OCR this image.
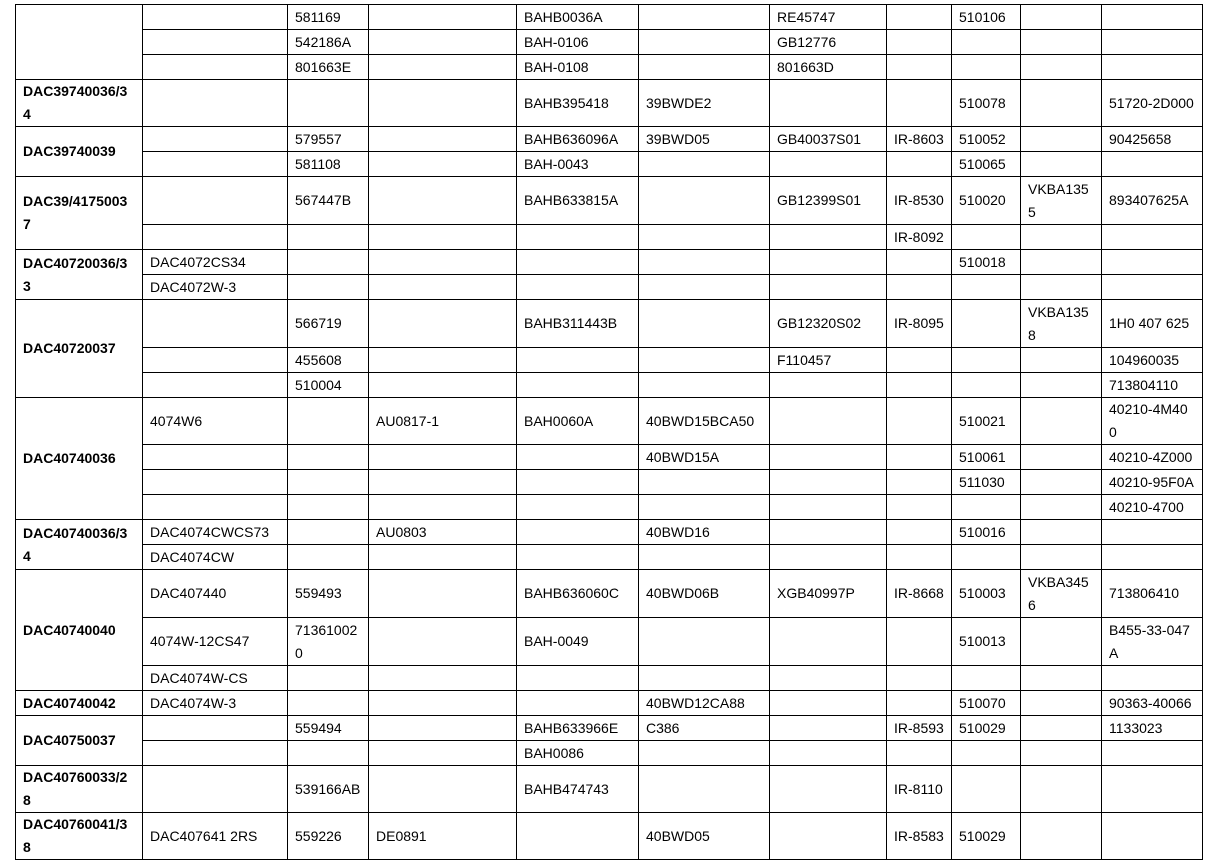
		581169		BAHB0036A		RE45747		510106		
		542186A		BAH-0106		GB12776				
		801663E		BAH-0108		801663D				
DAC39740036/34				BAHB395418	39BWDE2			510078		51720-2D000
DAC39740039		579557		BAHB636096A	39BWD05	GB40037S01	IR-8603	510052		90425658
		581108		BAH-0043				510065		
DAC39/41750037		567447B		BAHB633815A		GB12399S01	IR-8530	510020	VKBA1355	893407625A
							IR-8092			
DAC40720036/33	DAC4072CS34							510018		
	DAC4072W-3									
DAC40720037		566719		BAHB311443B		GB12320S02	IR-8095		VKBA1358	1H0 407 625
		455608				F110457				104960035
		510004								713804110
DAC40740036	4074W6		AU0817-1	BAH0060A	40BWD15BCA50			510021		40210-4M400
					40BWD15A			510061		40210-4Z000
								511030		40210-95F0A
										40210-4700
DAC40740036/34	DAC4074CWCS73		AU0803		40BWD16			510016		
	DAC4074CW									
DAC40740040	DAC407440	559493		BAHB636060C	40BWD06B	XGB40997P	IR-8668	510003	VKBA3456	713806410
	4074W-12CS47	713610020		BAH-0049				510013		B455-33-047A
	DAC4074W-CS									
DAC40740042	DAC4074W-3				40BWD12CA88			510070		90363-40066
DAC40750037		559494		BAHB633966E	C386		IR-8593	510029		1133023
				BAH0086						
DAC40760033/28		539166AB		BAHB474743			IR-8110			
DAC40760041/38	DAC407641 2RS	559226	DE0891		40BWD05		IR-8583	510029		
